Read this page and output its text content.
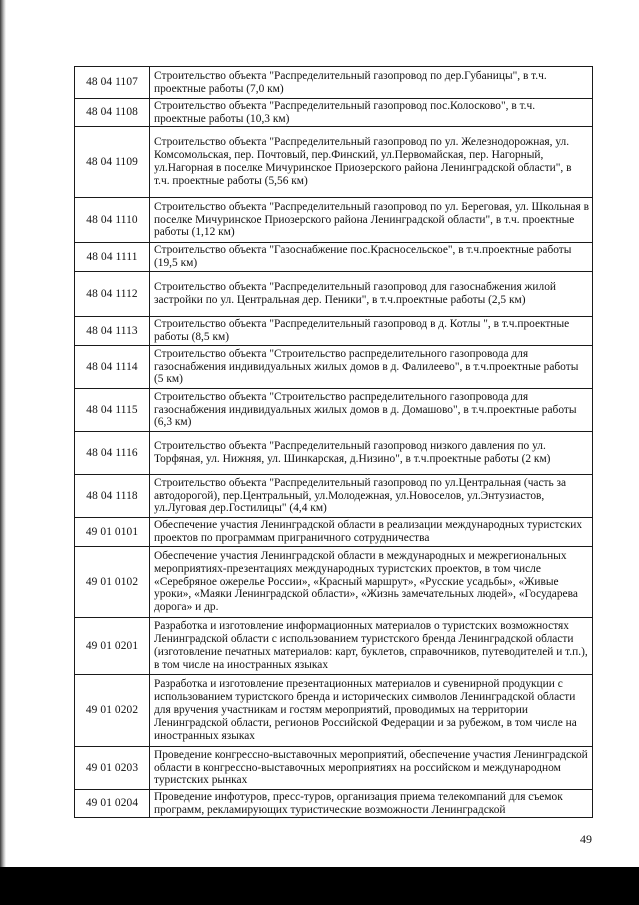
48 04 1107	Строительство объекта "Распределительный газопровод по дер.Губаницы", в т.ч. проектные работы (7,0 км)
48 04 1108	Строительство объекта "Распределительный газопровод пос.Колосково", в т.ч. проектные работы (10,3 км)
48 04 1109	Строительство объекта "Распределительный газопровод по ул. Железнодорожная, ул. Комсомольская, пер. Почтовый, пер.Финский, ул.Первомайская, пер. Нагорный, ул.Нагорная в поселке Мичуринское Приозерского района Ленинградской области", в т.ч. проектные работы (5,56 км)
48 04 1110	Строительство объекта "Распределительный газопровод по ул. Береговая, ул. Школьная в поселке Мичуринское Приозерского района Ленинградской области", в т.ч. проектные работы (1,12 км)
48 04 1111	Строительство объекта "Газоснабжение пос.Красносельское", в т.ч.проектные работы (19,5 км)
48 04 1112	Строительство объекта "Распределительный газопровод для газоснабжения жилой застройки по ул. Центральная дер. Пеники", в т.ч.проектные работы (2,5 км)
48 04 1113	Строительство объекта "Распределительный газопровод в д. Котлы ", в т.ч.проектные работы (8,5 км)
48 04 1114	Строительство объекта "Строительство распределительного газопровода для газоснабжения индивидуальных жилых домов в д. Фалилеево", в т.ч.проектные работы (5 км)
48 04 1115	Строительство объекта "Строительство распределительного газопровода для газоснабжения индивидуальных жилых домов в д. Домашово", в т.ч.проектные работы (6,3 км)
48 04 1116	Строительство объекта "Распределительный газопровод низкого давления по ул. Торфяная, ул. Нижняя, ул. Шинкарская, д.Низино", в т.ч.проектные работы (2 км)
48 04 1118	Строительство объекта "Распределительный газопровод по ул.Центральная (часть за автодорогой), пер.Центральный, ул.Молодежная, ул.Новоселов, ул.Энтузиастов, ул.Луговая дер.Гостилицы" (4,4 км)
49 01 0101	Обеспечение участия Ленинградской области в реализации международных туристских проектов по программам приграничного сотрудничества
49 01 0102	Обеспечение участия Ленинградской области в международных и межрегиональных мероприятиях-презентациях международных туристских проектов, в том числе «Серебряное ожерелье России», «Красный маршрут», «Русские усадьбы», «Живые уроки», «Маяки Ленинградской области», «Жизнь замечательных людей», «Государева дорога» и др.
49 01 0201	Разработка и изготовление информационных материалов о туристских возможностях Ленинградской области с использованием туристского бренда Ленинградской области (изготовление печатных материалов: карт, буклетов, справочников, путеводителей и т.п.), в том числе на иностранных языках
49 01 0202	Разработка и изготовление презентационных материалов и сувенирной продукции с использованием туристского бренда и исторических символов Ленинградской области для вручения участникам и гостям мероприятий, проводимых на территории Ленинградской области, регионов Российской Федерации и за рубежом, в том числе на иностранных языках
49 01 0203	Проведение конгрессно-выставочных мероприятий, обеспечение участия Ленинградской области в конгрессно-выставочных мероприятиях на российском и международном туристских рынках
49 01 0204	Проведение инфотуров, пресс-туров, организация приема телекомпаний для съемок программ, рекламирующих туристические возможности Ленинградской
49
